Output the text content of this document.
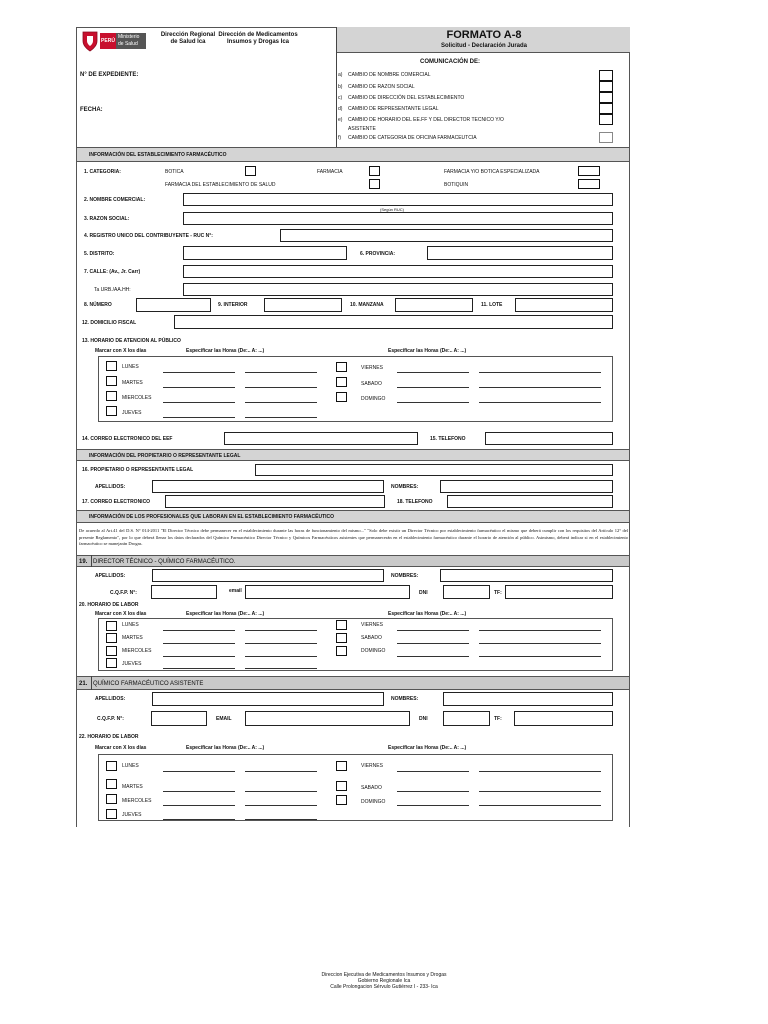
PERÚ
Ministerio
de Salud
Dirección Regional
de Salud Ica
Dirección de Medicamentos
Insumos y Drogas Ica
FORMATO A-8
Solicitud - Declaración Jurada
N° DE EXPEDIENTE:
FECHA:
COMUNICACIÓN DE:
a) CAMBIO DE NOMBRE COMERCIAL
b) CAMBIO DE RAZON SOCIAL
c) CAMBIO DE DIRECCIÓN DEL ESTABLECIMIENTO
d) CAMBIO DE REPRESENTANTE LEGAL
e) CAMBIO DE HORARIO DEL EE.FF Y DEL DIRECTOR TECNICO Y/O
ASISTENTE
f) CAMBIO DE CATEGORIA DE OFICINA FARMACEUTCIA
INFORMACIÓN DEL ESTABLECIMIENTO FARMACÉUTICO
1. CATEGORIA:	BOTICA	FARMACIA	FARMACIA Y/O BOTICA ESPECIALIZADA
FARMACIA DEL ESTABLECIMIENTO DE SALUD	BOTIQUIN
2. NOMBRE COMERCIAL:
3. RAZON SOCIAL:
(Según RUC)
4. REGISTRO UNICO DEL CONTRIBUYENTE - RUC N°:
5. DISTRITO:	6. PROVINCIA:
7. CALLE: (Av., Jr. Carr)
Ta URB./AA.HH:
8. NÚMERO	9. INTERIOR	10. MANZANA	11. LOTE
12. DOMICILIO FISCAL
13. HORARIO DE ATENCION AL PÚBLICO
Marcar con X los días	Especificar las Horas (De:.. A: ...)	Especificar las Horas (De:.. A: ...)
LUNES
MARTES
MIERCOLES
JUEVES
VIERNES
SABADO
DOMINGO
14. CORREO ELECTRONICO DEL EEF	15. TELEFONO
INFORMACIÓN DEL PROPIETARIO O REPRESENTANTE LEGAL
16. PROPIETARIO O REPRESENTANTE LEGAL
APELLIDOS:	NOMBRES:
17. CORREO ELECTRONICO	18. TELEFONO
INFORMACIÓN DE LOS PROFESIONALES QUE LABORAN EN EL ESTABLECIMIENTO FARMACÉUTICO
De acuerdo al Art.41 del D.S. N° 014-2011 "El Director Técnico debe permanecer en el establecimiento durante las horas de funcionamiento del mismo..." "Solo debe existir un Director Técnico por establecimiento farmacéutico el mismo que deberá cumplir con los requisitos del Artículo 12° del presente Reglamento", por lo que deberá llenar los datos declarados del Químico Farmacéutico Director Técnico y Químicos Farmacéuticos asistentes que permanecerán en el establecimiento farmacéutico durante el horario de atención al público. Asimismo, deberá indicar si en el establecimiento farmacéutico se manejarán Drogas.
19. DIRECTOR TÉCNICO - QUÍMICO FARMACÉUTICO.
APELLIDOS:	NOMBRES:
C.Q.F.P. N°:	email	DNI	TF:
20. HORARIO DE LABOR
Marcar con X los días	Especificar las Horas (De:.. A: ...)	Especificar las Horas (De:.. A: ...)
LUNES
MARTES
MIERCOLES
JUEVES
VIERNES
SABADO
DOMINGO
21. QUÍMICO FARMACÉUTICO ASISTENTE
APELLIDOS:	NOMBRES:
C.Q.F.P. N°:	EMAIL	DNI	TF:
22. HORARIO DE LABOR
Marcar con X los días	Especificar las Horas (De:.. A: ...)	Especificar las Horas (De:.. A: ...)
LUNES
MARTES
MIERCOLES
JUEVES
VIERNES
SABADO
DOMINGO
Direccion Ejecutiva de Medicamentos Insumos y Drogas
Gobierno Regionale Ica
Calle Prolongacion Sérvulo Gutiérrez I - 233- Ica
